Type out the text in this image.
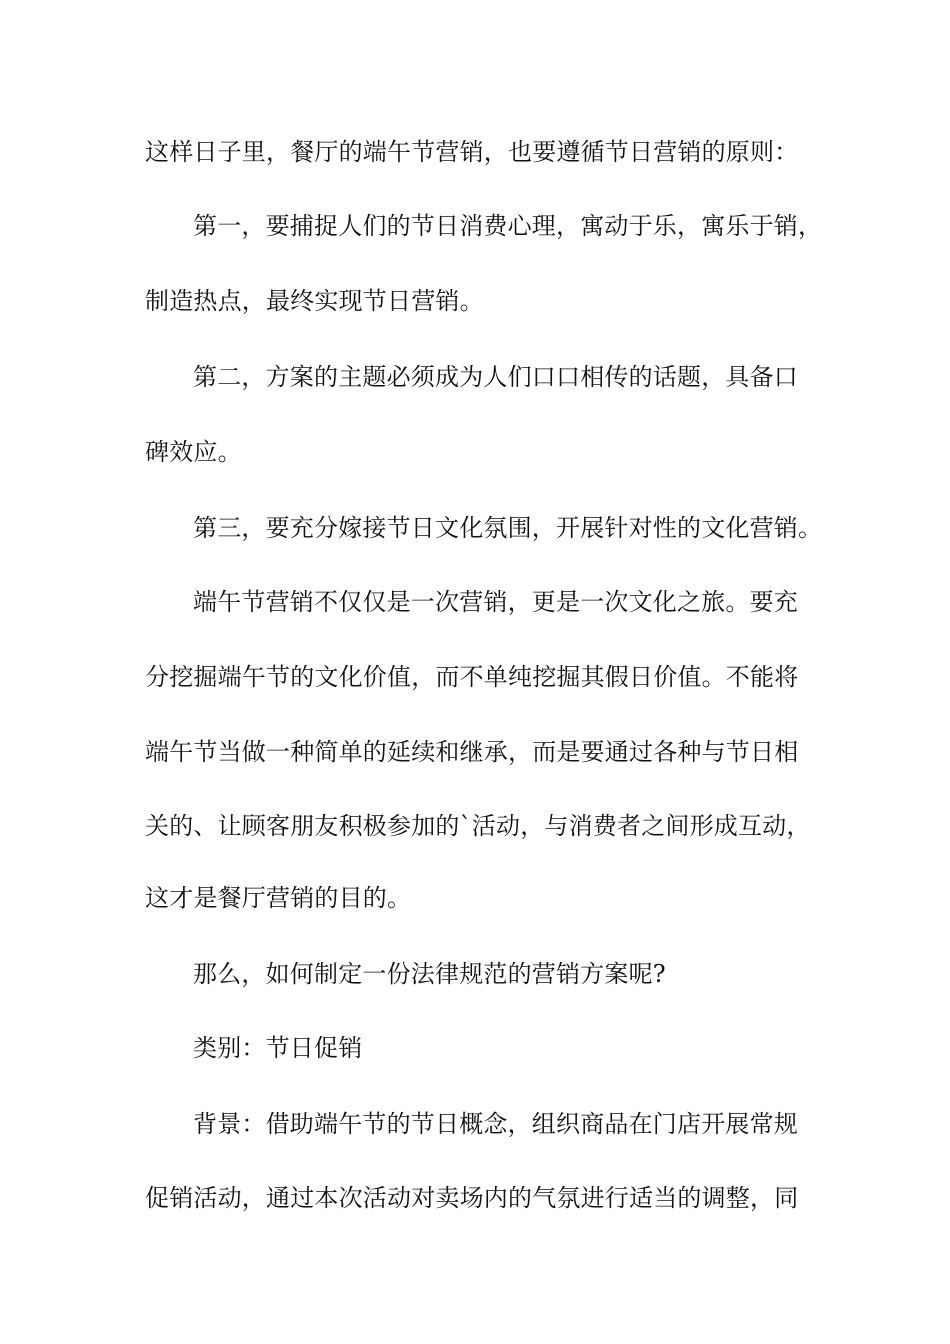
这样日子里，餐厅的端午节营销，也要遵循节日营销的原则：
第一，要捕捉人们的节日消费心理，寓动于乐，寓乐于销，
制造热点，最终实现节日营销。
第二，方案的主题必须成为人们口口相传的话题，具备口
碑效应。
第三，要充分嫁接节日文化氛围，开展针对性的文化营销。
端午节营销不仅仅是一次营销，更是一次文化之旅。要充
分挖掘端午节的文化价值，而不单纯挖掘其假日价值。不能将
端午节当做一种简单的延续和继承，而是要通过各种与节日相
关的、让顾客朋友积极参加的`活动，与消费者之间形成互动，
这才是餐厅营销的目的。
那么，如何制定一份法律规范的营销方案呢?
类别：节日促销
背景：借助端午节的节日概念，组织商品在门店开展常规
促销活动，通过本次活动对卖场内的气氛进行适当的调整，同
